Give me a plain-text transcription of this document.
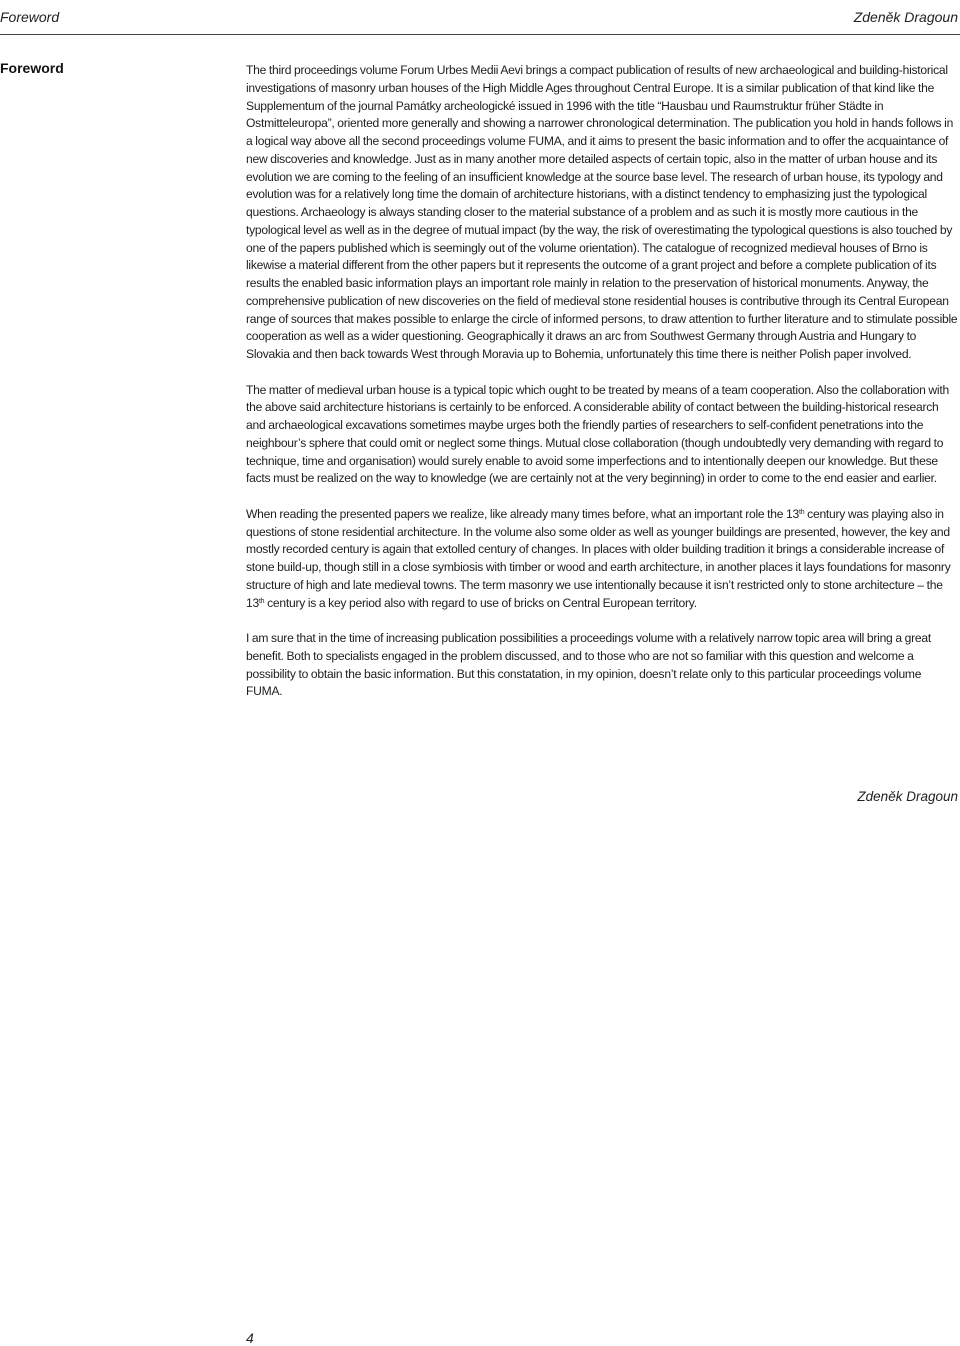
Foreword	Zdeněk Dragoun
Foreword	The third proceedings volume Forum Urbes Medii Aevi brings a compact publication of results of new archaeological and building-historical investigations of masonry urban houses of the High Middle Ages throughout Central Europe. It is a similar publication of that kind like the Supplementum of the journal Památky archeologické issued in 1996 with the title “Hausbau und Raumstruktur früher Städte in Ostmitteleuropa”, oriented more generally and showing a narrower chronological determination. The publication you hold in hands follows in a logical way above all the second proceedings volume FUMA, and it aims to present the basic information and to offer the acquaintance of new discoveries and knowledge. Just as in many another more detailed aspects of certain topic, also in the matter of urban house and its evolution we are coming to the feeling of an insufficient knowledge at the source base level. The research of urban house, its typology and evolution was for a relatively long time the domain of architecture historians, with a distinct tendency to emphasizing just the typological questions. Archaeology is always standing closer to the material substance of a problem and as such it is mostly more cautious in the typological level as well as in the degree of mutual impact (by the way, the risk of overestimating the typological questions is also touched by one of the papers published which is seemingly out of the volume orientation). The catalogue of recognized medieval houses of Brno is likewise a material different from the other papers but it represents the outcome of a grant project and before a complete publication of its results the enabled basic information plays an important role mainly in relation to the preservation of historical monuments. Anyway, the comprehensive publication of new discoveries on the field of medieval stone residential houses is contributive through its Central European range of sources that makes possible to enlarge the circle of informed persons, to draw attention to further literature and to stimulate possible cooperation as well as a wider questioning. Geographically it draws an arc from Southwest Germany through Austria and Hungary to Slovakia and then back towards West through Moravia up to Bohemia, unfortunately this time there is neither Polish paper involved.

The matter of medieval urban house is a typical topic which ought to be treated by means of a team cooperation. Also the collaboration with the above said architecture historians is certainly to be enforced. A considerable ability of contact between the building-historical research and archaeological excavations sometimes maybe urges both the friendly parties of researchers to self-confident penetrations into the neighbour’s sphere that could omit or neglect some things. Mutual close collaboration (though undoubtedly very demanding with regard to technique, time and organisation) would surely enable to avoid some imperfections and to intentionally deepen our knowledge. But these facts must be realized on the way to knowledge (we are certainly not at the very beginning) in order to come to the end easier and earlier.

When reading the presented papers we realize, like already many times before, what an important role the 13th century was playing also in questions of stone residential architecture. In the volume also some older as well as younger buildings are presented, however, the key and mostly recorded century is again that extolled century of changes. In places with older building tradition it brings a considerable increase of stone build-up, though still in a close symbiosis with timber or wood and earth architecture, in another places it lays foundations for masonry structure of high and late medieval towns. The term masonry we use intentionally because it isn’t restricted only to stone architecture – the 13th century is a key period also with regard to use of bricks on Central European territory.

I am sure that in the time of increasing publication possibilities a proceedings volume with a relatively narrow topic area will bring a great benefit. Both to specialists engaged in the problem discussed, and to those who are not so familiar with this question and welcome a possibility to obtain the basic information. But this constatation, in my opinion, doesn’t relate only to this particular proceedings volume FUMA.

Zdeněk Dragoun
4
